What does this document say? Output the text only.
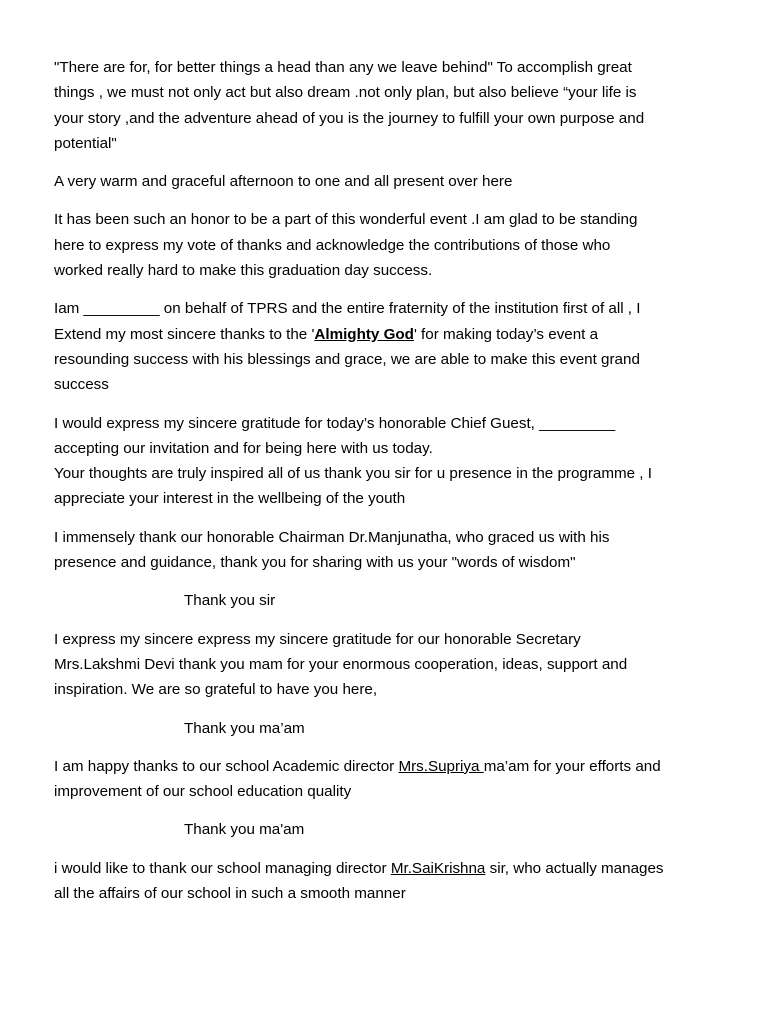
"There are for, for better things a head than any we leave behind" To accomplish great
things , we must not only act but also dream .not only plan, but also believe “your life is
your story ,and the adventure ahead of you is the journey to fulfill your own purpose and
potential"

A very warm and graceful afternoon to one and all present over here

It has been such an honor to be a part of this wonderful event .I am glad to be standing
here to express my vote of thanks and acknowledge the contributions of those who
worked really hard to make this graduation day success.

Iam _________ on behalf of TPRS and the entire fraternity of the institution first of all , I
Extend my most sincere thanks to the 'Almighty God' for making today’s event a
resounding success with his blessings and grace, we are able to make this event grand
success

I would express my sincere gratitude for today’s honorable Chief Guest, _________
accepting our invitation and for being here with us today.
Your thoughts are truly inspired all of us thank you sir for u presence in the programme , I
appreciate your interest in the wellbeing of the youth

I immensely thank our honorable Chairman Dr.Manjunatha, who graced us with his
presence and guidance, thank you for sharing with us your "words of wisdom"

Thank you sir

I express my sincere express my sincere gratitude for our honorable Secretary
Mrs.Lakshmi Devi thank you mam for your enormous cooperation, ideas, support and
inspiration. We are so grateful to have you here,

Thank you ma’am

I am happy thanks to our school Academic director Mrs.Supriya ma’am for your efforts and
improvement of our school education quality

Thank you ma'am

i would like to thank our school managing director Mr.SaiKrishna sir, who actually manages
all the affairs of our school in such a smooth manner
